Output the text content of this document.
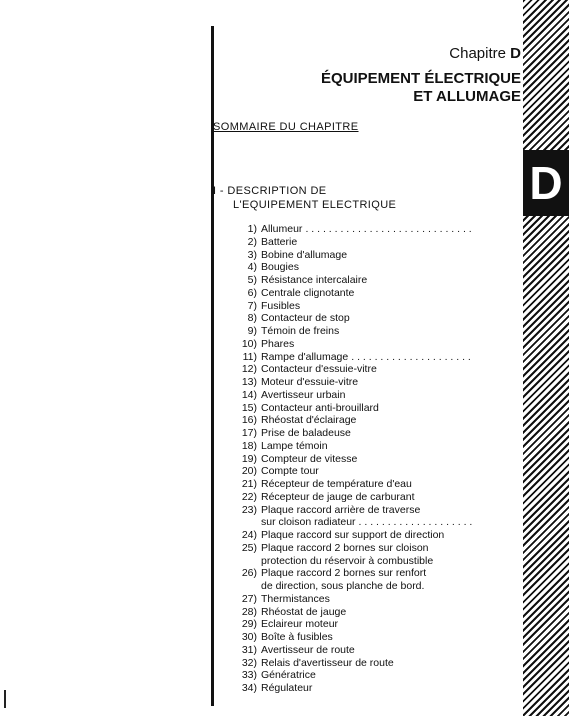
D
Chapitre D
ÉQUIPEMENT ÉLECTRIQUE
ET ALLUMAGE
SOMMAIRE DU CHAPITRE
I - DESCRIPTION DE
L'EQUIPEMENT ELECTRIQUE
1) Allumeur
. . .
2) Batterie
3) Bobine d'allumage
4) Bougies
5) Résistance intercalaire
6) Centrale clignotante
7) Fusibles
8) Contacteur de stop
9) Témoin de freins
10) Phares
11) Rampe d'allumage
. . .
12) Contacteur d'essuie-vitre
13) Moteur d'essuie-vitre
14) Avertisseur urbain
15) Contacteur anti-brouillard
16) Rhéostat d'éclairage
17) Prise de baladeuse
18) Lampe témoin
19) Compteur de vitesse
20) Compte tour
21) Récepteur de température d'eau
22) Récepteur de jauge de carburant
23) Plaque raccord arrière de traverse
sur cloison radiateur
. . .
24) Plaque raccord sur support de direction
25) Plaque raccord 2 bornes sur cloison
protection du réservoir à combustible
26) Plaque raccord 2 bornes sur renfort
de direction, sous planche de bord.
27) Thermistances
28) Rhéostat de jauge
29) Eclaireur moteur
30) Boîte à fusibles
31) Avertisseur de route
32) Relais d'avertisseur de route
33) Génératrice
34) Régulateur
